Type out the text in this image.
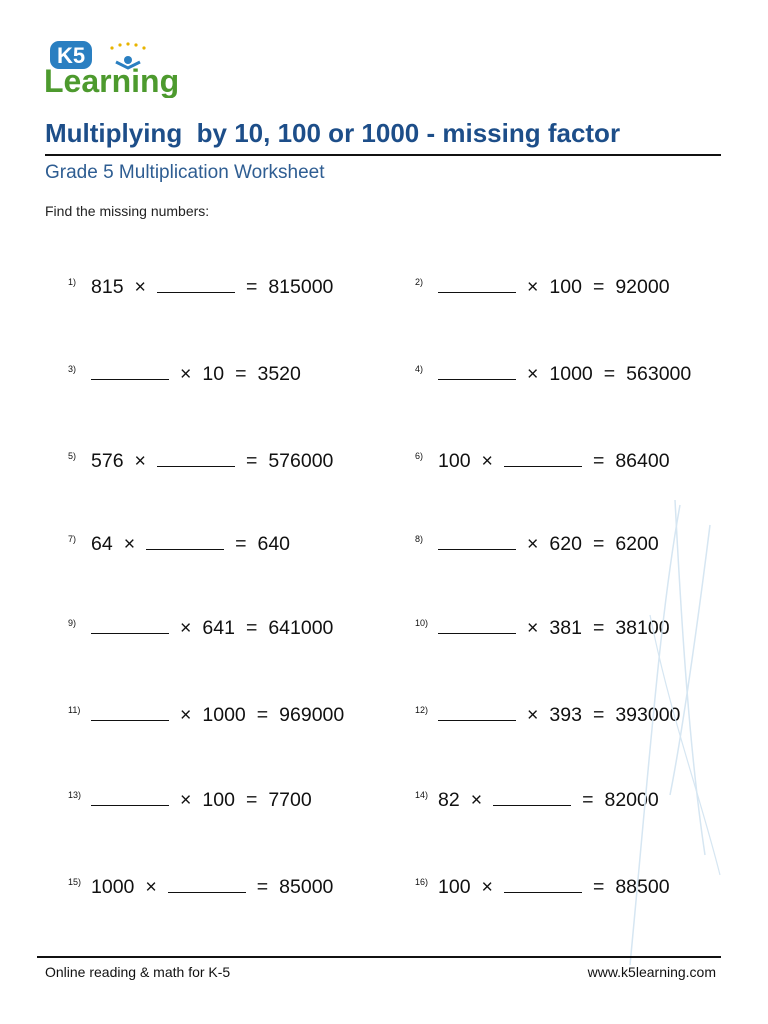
K5
Learning
Multiplying  by 10, 100 or 1000 - missing factor
Grade 5 Multiplication Worksheet
Find the missing numbers:
1) 815 ×	= 815000	2)	× 100 = 92000
3)	× 10 = 3520	4)	× 1000 = 563000
5) 576 ×	= 576000	6) 100 ×	= 86400
7) 64 ×	= 640	8)	× 620 = 6200
9)	× 641 = 641000	10)	× 381 = 38100
11)	× 1000 = 969000	12)	× 393 = 393000
13)	× 100 = 7700	14) 82 ×	= 82000
15) 1000 ×	= 85000	16) 100 ×	= 88500
Online reading & math for K-5	www.k5learning.com
